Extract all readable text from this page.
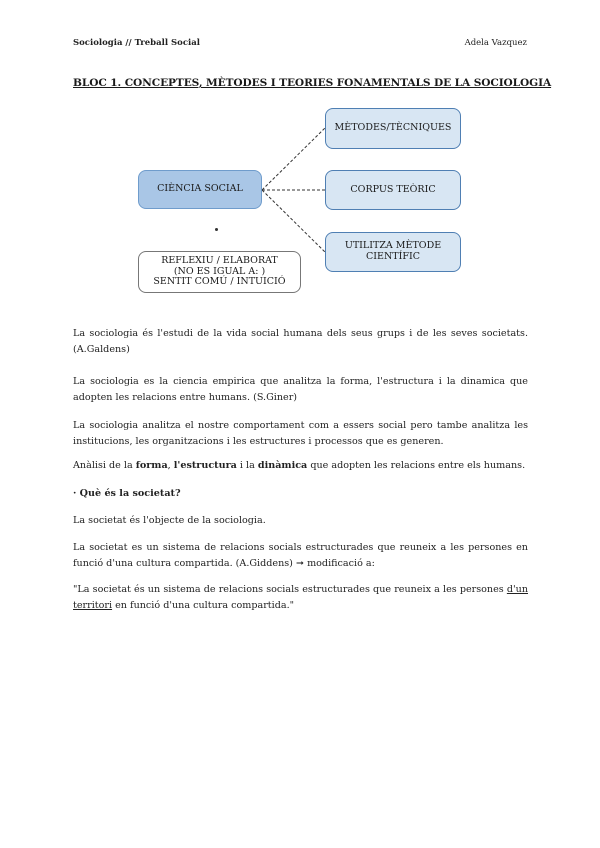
Sociologia // Treball Social	Adela Vazquez
BLOC 1. CONCEPTES, MÈTODES I TEORIES FONAMENTALS DE LA SOCIOLOGIA
CIÈNCIA SOCIAL
MÈTODES/TÈCNIQUES
CORPUS TEÒRIC
UTILITZA MÈTODE
CIENTÍFIC
REFLEXIU / ELABORAT
(NO ES IGUAL A: )
SENTIT COMÚ / INTUICIÓ

La sociologia és l'estudi de la vida social humana dels seus grups i de les seves societats. (A.Galdens)

La sociologia es la ciencia empirica que analitza la forma, l'estructura i la dinamica que adopten les relacions entre humans. (S.Giner)

La sociologia analitza el nostre comportament com a essers social pero tambe analitza les institucions, les organitzacions i les estructures i processos que es generen.

Anàlisi de la forma, l'estructura i la dinàmica que adopten les relacions entre els humans.

· Què és la societat?

La societat és l'objecte de la sociologia.

La societat es un sistema de relacions socials estructurades que reuneix a les persones en funció d'una cultura compartida. (A.Giddens) ➞ modificació a:

"La societat és un sistema de relacions socials estructurades que reuneix a les persones d'un territori en funció d'una cultura compartida."
